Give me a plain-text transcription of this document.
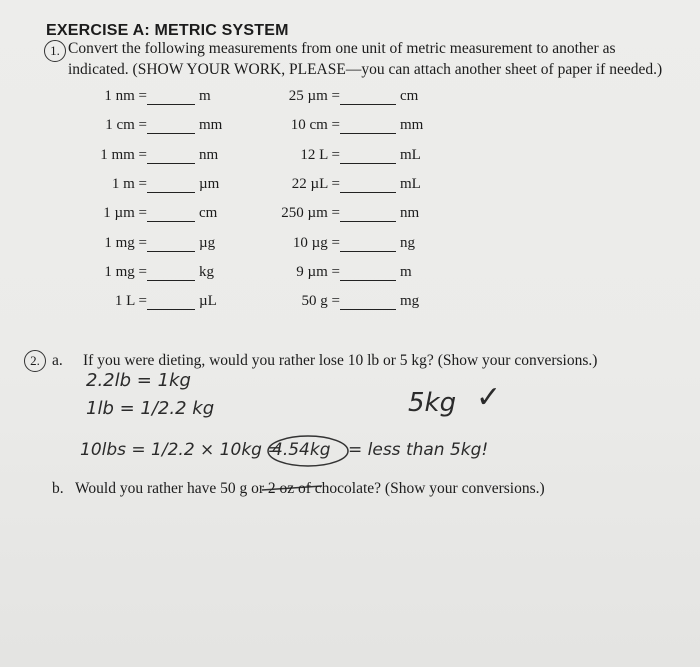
EXERCISE A: METRIC SYSTEM
1. Convert the following measurements from one unit of metric measurement to another as indicated. (SHOW YOUR WORK, PLEASE—you can attach another sheet of paper if needed.)
1 nm =	m
1 cm =	mm
1 mm =	nm
1 m =	µm
1 µm =	cm
1 mg =	µg
1 mg =	kg
1 L =	µL
25 µm =	cm
10 cm =	mm
12 L =	mL
22 µL =	mL
250 µm =	nm
10 µg =	ng
9 µm =	m
50 g =	mg
2. a. If you were dieting, would you rather lose 10 lb or 5 kg? (Show your conversions.)
2.2lb = 1kg
1lb = 1/2.2 kg
10lbs = 1/2.2 × 10kg =
4.54kg = less than 5kg!
5kg ✓
b. Would you rather have 50 g or 2 oz of chocolate? (Show your conversions.)
